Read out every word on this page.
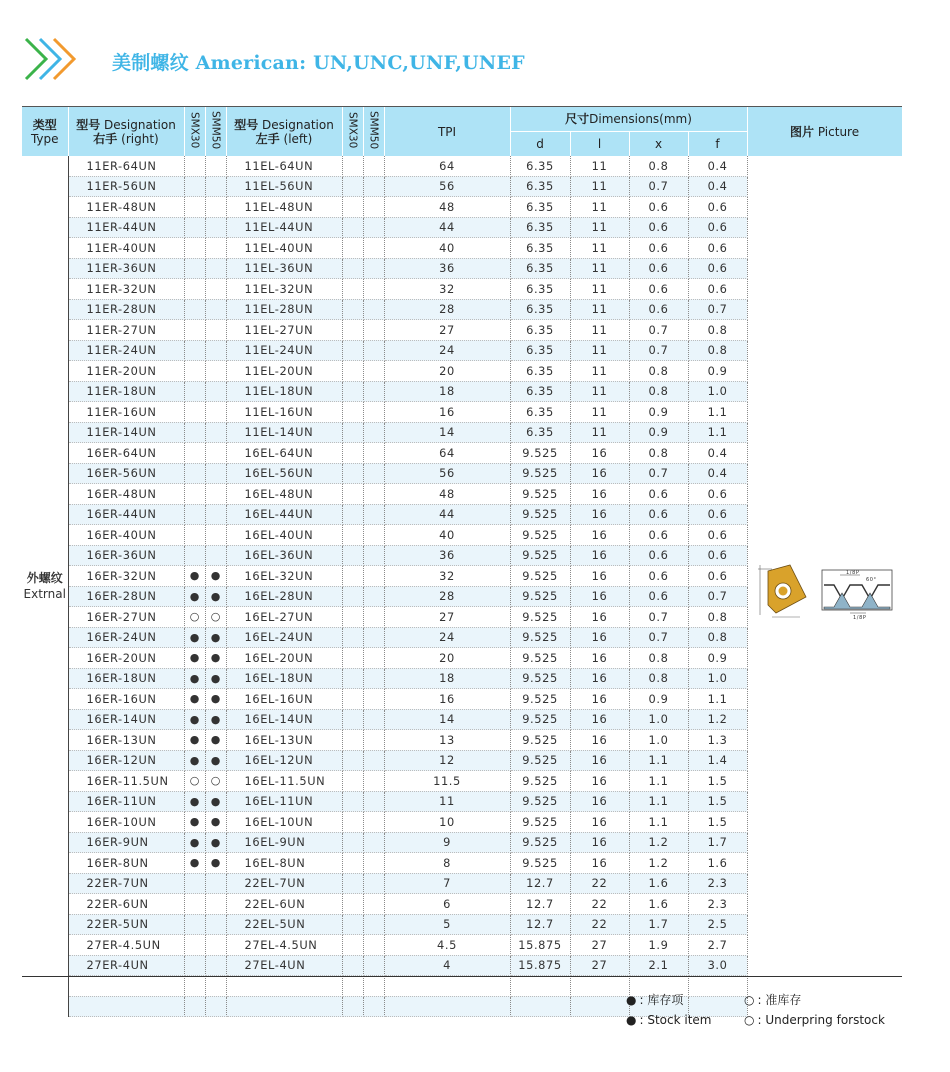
美制螺纹 American: UN,UNC,UNF,UNEF
类型
Type	型号 Designation
右手 (right)	SMX30	SMM50	型号 Designation
左手 (left)	SMX30	SMM50	TPI	尺寸Dimensions(mm)				图片 Picture
								d	l	x	f	
外螺纹
Extrnal	11ER-64UN			11EL-64UN			64	6.35	11	0.8	0.4	1/8P
60°
1/8P

	11ER-56UN			11EL-56UN			56	6.35	11	0.7	0.4	
	11ER-48UN			11EL-48UN			48	6.35	11	0.6	0.6	
	11ER-44UN			11EL-44UN			44	6.35	11	0.6	0.6	
	11ER-40UN			11EL-40UN			40	6.35	11	0.6	0.6	
	11ER-36UN			11EL-36UN			36	6.35	11	0.6	0.6	
	11ER-32UN			11EL-32UN			32	6.35	11	0.6	0.6	
	11ER-28UN			11EL-28UN			28	6.35	11	0.6	0.7	
	11ER-27UN			11EL-27UN			27	6.35	11	0.7	0.8	
	11ER-24UN			11EL-24UN			24	6.35	11	0.7	0.8	
	11ER-20UN			11EL-20UN			20	6.35	11	0.8	0.9	
	11ER-18UN			11EL-18UN			18	6.35	11	0.8	1.0	
	11ER-16UN			11EL-16UN			16	6.35	11	0.9	1.1	
	11ER-14UN			11EL-14UN			14	6.35	11	0.9	1.1	
	16ER-64UN			16EL-64UN			64	9.525	16	0.8	0.4	
	16ER-56UN			16EL-56UN			56	9.525	16	0.7	0.4	
	16ER-48UN			16EL-48UN			48	9.525	16	0.6	0.6	
	16ER-44UN			16EL-44UN			44	9.525	16	0.6	0.6	
	16ER-40UN			16EL-40UN			40	9.525	16	0.6	0.6	
	16ER-36UN			16EL-36UN			36	9.525	16	0.6	0.6	
	16ER-32UN	●	●	16EL-32UN			32	9.525	16	0.6	0.6	
	16ER-28UN	●	●	16EL-28UN			28	9.525	16	0.6	0.7	
	16ER-27UN	○	○	16EL-27UN			27	9.525	16	0.7	0.8	
	16ER-24UN	●	●	16EL-24UN			24	9.525	16	0.7	0.8	
	16ER-20UN	●	●	16EL-20UN			20	9.525	16	0.8	0.9	
	16ER-18UN	●	●	16EL-18UN			18	9.525	16	0.8	1.0	
	16ER-16UN	●	●	16EL-16UN			16	9.525	16	0.9	1.1	
	16ER-14UN	●	●	16EL-14UN			14	9.525	16	1.0	1.2	
	16ER-13UN	●	●	16EL-13UN			13	9.525	16	1.0	1.3	
	16ER-12UN	●	●	16EL-12UN			12	9.525	16	1.1	1.4	
	16ER-11.5UN	○	○	16EL-11.5UN			11.5	9.525	16	1.1	1.5	
	16ER-11UN	●	●	16EL-11UN			11	9.525	16	1.1	1.5	
	16ER-10UN	●	●	16EL-10UN			10	9.525	16	1.1	1.5	
	16ER-9UN	●	●	16EL-9UN			9	9.525	16	1.2	1.7	
	16ER-8UN	●	●	16EL-8UN			8	9.525	16	1.2	1.6	
	22ER-7UN			22EL-7UN			7	12.7	22	1.6	2.3	
	22ER-6UN			22EL-6UN			6	12.7	22	1.6	2.3	
	22ER-5UN			22EL-5UN			5	12.7	22	1.7	2.5	
	27ER-4.5UN			27EL-4.5UN			4.5	15.875	27	1.9	2.7	
	27ER-4UN			27EL-4UN			4	15.875	27	2.1	3.0	

● : 库存项
● : Stock item
○ : 准库存
○ : Underpring forstock
